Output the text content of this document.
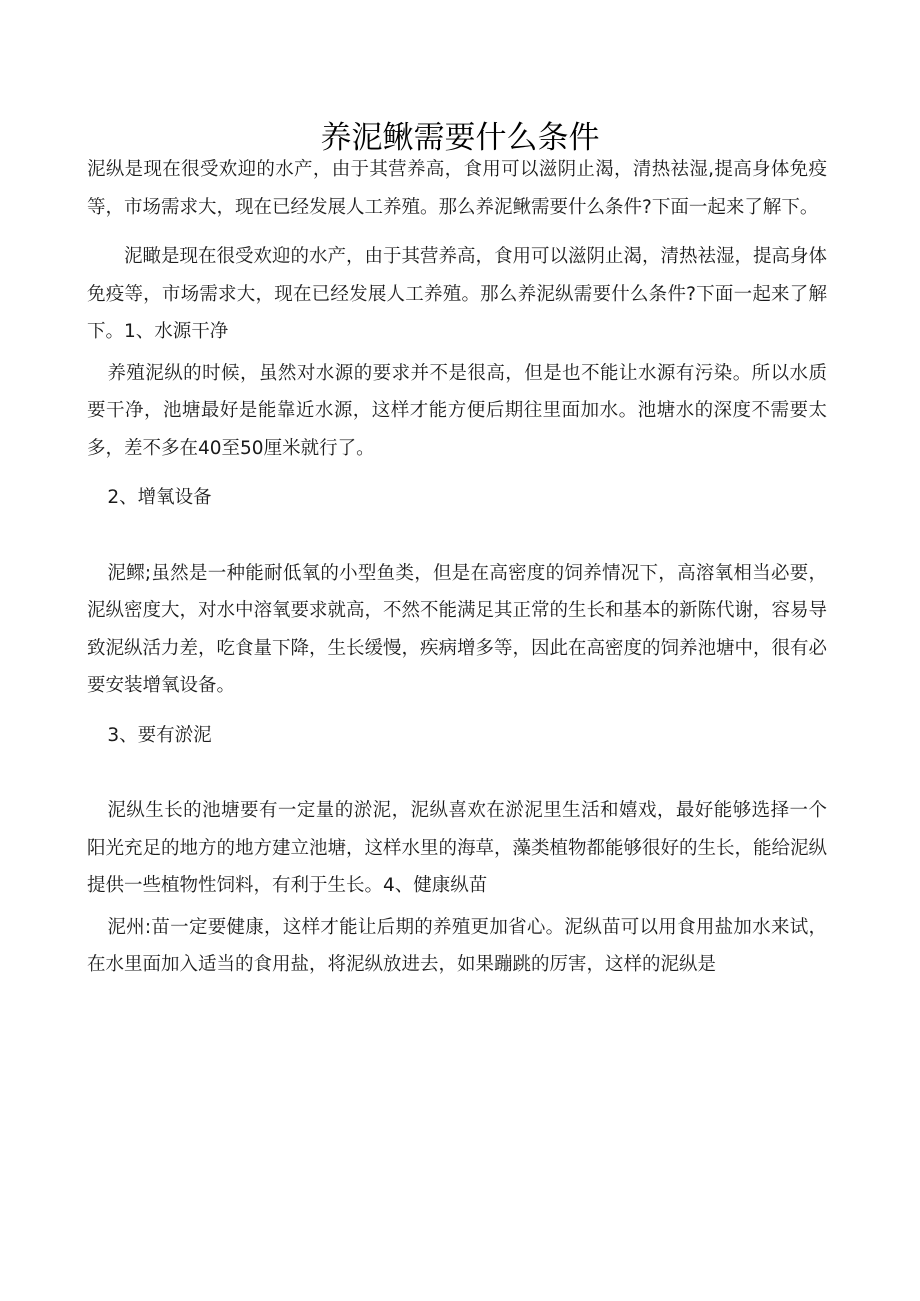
养泥鳅需要什么条件

泥纵是现在很受欢迎的水产，由于其营养高，食用可以滋阴止渴，清热祛湿,提高身体免疫等，市场需求大，现在已经发展人工养殖。那么养泥鳅需要什么条件?下面一起来了解下。

泥瞰是现在很受欢迎的水产，由于其营养高，食用可以滋阴止渴，清热祛湿，提高身体免疫等，市场需求大，现在已经发展人工养殖。那么养泥纵需要什么条件?下面一起来了解下。1、水源干净

养殖泥纵的时候，虽然对水源的要求并不是很高，但是也不能让水源有污染。所以水质要干净，池塘最好是能靠近水源，这样才能方便后期往里面加水。池塘水的深度不需要太多，差不多在40至50厘米就行了。

2、增氧设备

泥鳏;虽然是一种能耐低氧的小型鱼类，但是在高密度的饲养情况下，高溶氧相当必要，泥纵密度大，对水中溶氧要求就高，不然不能满足其正常的生长和基本的新陈代谢，容易导致泥纵活力差，吃食量下降，生长缓慢，疾病增多等，因此在高密度的饲养池塘中，很有必要安装增氧设备。

3、要有淤泥

泥纵生长的池塘要有一定量的淤泥，泥纵喜欢在淤泥里生活和嬉戏，最好能够选择一个阳光充足的地方的地方建立池塘，这样水里的海草，藻类植物都能够很好的生长，能给泥纵提供一些植物性饲料，有利于生长。4、健康纵苗

泥州:苗一定要健康，这样才能让后期的养殖更加省心。泥纵苗可以用食用盐加水来试，在水里面加入适当的食用盐，将泥纵放进去，如果蹦跳的厉害，这样的泥纵是
